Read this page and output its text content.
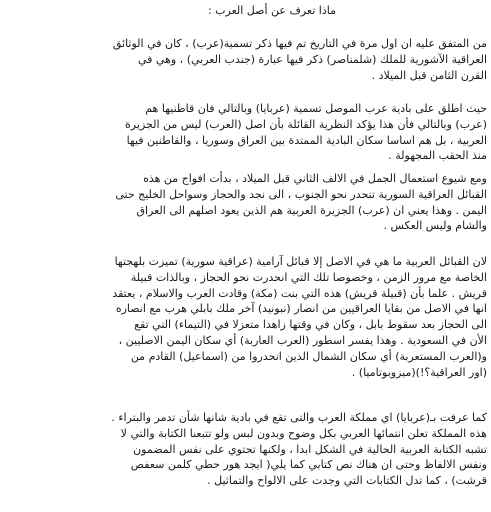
ماذا تعرف عن أصل العرب :
من المتفق عليه ان اول مرة في التاريخ تم فيها ذكر تسمية(عرب) ، كان في الوثائق
العراقية الآشورية للملك (شلمناصر) ذكر فيها عبارة (جندب العربي) ، وهي في
القرن الثامن قبل الميلاد .
حيث اطلق على بادية عرب الموصل تسمية (عربايا) وبالتالي فان قاطنيها هم
(عرب) وبالتالي فأن هذا يؤكد النظرية القائلة بأن اصل (العرب) ليس من الجزيرة
العربية ، بل هم اساسا سكان البادية الممتدة بين العراق وسوريا ، والقاطنين فيها
منذ الحقب المجهولة .
ومع شيوع استعمال الجمل في الالف الثاني قبل الميلاد ، بدأت افواج من هذه
القبائل العراقية السورية تنحدر نحو الجنوب ، الى نجد والحجاز وسواحل الخليج حتى
اليمن . وهذا يعني ان (عرب) الجزيرة العربية هم الذين يعود اصلهم الى العراق
والشام وليس العكس .
لان القبائل العربية ما هي في الاصل إلا قبائل آرامية (عراقية سورية) تميزت بلهجتها
الخاصة مع مرور الزمن ، وخصوصا تلك التي انحدرت نحو الحجاز ، وبالذات قبيلة
قريش . علما بأن (قبيلة قريش) هذه التي بنت (مكة) وقادت العرب والاسلام ، يعتقد
انها في الاصل من بقايا العراقيين من انصار (نبونيد) آخر ملك بابلي هرب مع انصاره
الى الحجاز بعد سقوط بابل ، وكان في وقتها زاهدا متعزلا في (التيماء) التي تقع
الأن في السعودية . وهذا يفسر اسطور (العرب العاربة) أي سكان اليمن الاصليين ،
و(العرب المستعربة) أي سكان الشمال الذين انحدروا من (اسماعيل) القادم من
(اور العراقية؟!)(ميزوبوتاميا) .
كما عرفت بـ(عربايا) اي مملكة العرب والتى تقع في بادية شانها شأن تدمر والبتراء .
هذه المملكة تعلن انتمائها العربي بكل وضوح وبدون لبس ولو تتبعنا الكتابة والتي لا
تشبه الكتابة العربية الحالية في الشكل ابدا ، ولكنها تحتوي على نفس المضمون
ونفس الالفاظ وحتى ان هناك نص كتابي كما يلي( ايجد هور حطي كلمن سعفص
قرشت) ، كما تدل الكتابات التي وجدت على الالواح والتماثيل .
